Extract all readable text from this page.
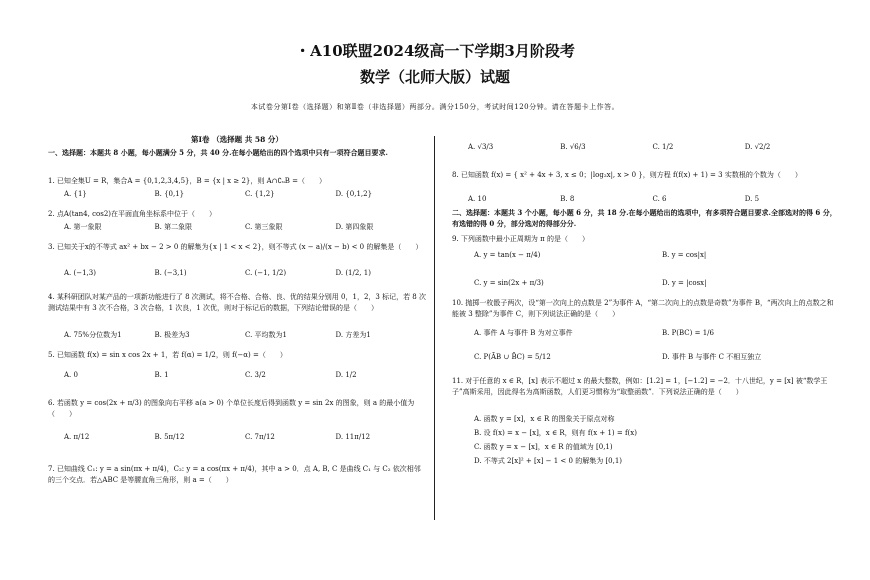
・A10联盟2024级高一下学期3月阶段考
数学（北师大版）试题
本试卷分第Ⅰ卷（选择题）和第Ⅱ卷（非选择题）两部分。满分150分，考试时间120分钟。请在答题卡上作答。
第Ⅰ卷 （选择题 共 58 分）
一、选择题：本题共 8 小题，每小题满分 5 分，共 40 分.在每小题给出的四个选项中只有一项符合题目要求.
1. 已知全集U = R，集合A = {0,1,2,3,4,5}，B = {x | x ≥ 2}，则 A∩∁ᵤB =（　　）
A. {1}	B. {0,1}	C. {1,2}	D. {0,1,2}
2. 点A(tan4, cos2)在平面直角坐标系中位于（　　）
A. 第一象限	B. 第二象限	C. 第三象限	D. 第四象限
3. 已知关于x的不等式 ax² + bx − 2 > 0 的解集为{x | 1 < x < 2}，则不等式 (x − a)/(x − b) < 0 的解集是（　　）
A. (−1,3)	B. (−3,1)	C. (−1, 1/2)	D. (1/2, 1)
4. 某科研团队对某产品的一项新功能进行了 8 次测试，将不合格、合格、良、优的结果分别用 0，1，2，3 标记，若 8 次测试结果中有 3 次不合格，3 次合格，1 次良，1 次优，则对于标记后的数据，下列结论错误的是（　　）
A. 75%分位数为1	B. 极差为3	C. 平均数为1	D. 方差为1
5. 已知函数 f(x) = sin x cos 2x + 1，若 f(α) = 1/2，则 f(−α) =（　　）
A. 0	B. 1	C. 3/2	D. 1/2
6. 若函数 y = cos(2x + π/3) 的图象向右平移 a(a > 0) 个单位长度后得到函数 y = sin 2x 的图象，则 a 的最小值为（　　）
A. π/12	B. 5π/12	C. 7π/12	D. 11π/12
7. 已知曲线 C₁: y = a sin(πx + π/4)，C₂: y = a cos(πx + π/4)，其中 a > 0．点 A, B, C 是曲线 C₁ 与 C₂ 依次相邻的三个交点．若△ABC 是等腰直角三角形，则 a =（　　）
A. √3/3	B. √6/3	C. 1/2	D. √2/2
8. 已知函数 f(x) = { x² + 4x + 3, x ≤ 0；|log₂x|, x > 0 }，则方程 f(f(x) + 1) = 3 实数根的个数为（　　）
A. 10	B. 8	C. 6	D. 5
二、选择题：本题共 3 个小题，每小题 6 分，共 18 分.在每小题给出的选项中，有多项符合题目要求.全部选对的得 6 分，有选错的得 0 分，部分选对的得部分分.
9. 下列函数中最小正周期为 π 的是（　　）
A. y = tan(x − π/4)	B. y = cos|x|
C. y = sin(2x + π/3)	D. y = |cosx|
10. 抛掷一枚骰子两次，设“第一次向上的点数是 2”为事件 A，“第二次向上的点数是奇数”为事件 B，“两次向上的点数之和能被 3 整除”为事件 C，则下列说法正确的是（　　）
A. 事件 A 与事件 B 为对立事件	B. P(BC) = 1/6
C. P(ĀB ∪ B̄C) = 5/12	D. 事件 B 与事件 C 不相互独立
11. 对于任意的 x ∈ R，[x] 表示不超过 x 的最大整数，例如：[1.2] = 1，[−1.2] = −2．十八世纪，y = [x] 被“数学王子”高斯采用，因此得名为高斯函数，人们更习惯称为“取整函数”．下列说法正确的是（　　）
A. 函数 y = [x]，x ∈ R 的图象关于原点对称
B. 设 f(x) = x − [x]，x ∈ R，则有 f(x + 1) = f(x)
C. 函数 y = x − [x]，x ∈ R 的值域为 [0,1)
D. 不等式 2[x]² + [x] − 1 < 0 的解集为 [0,1)
